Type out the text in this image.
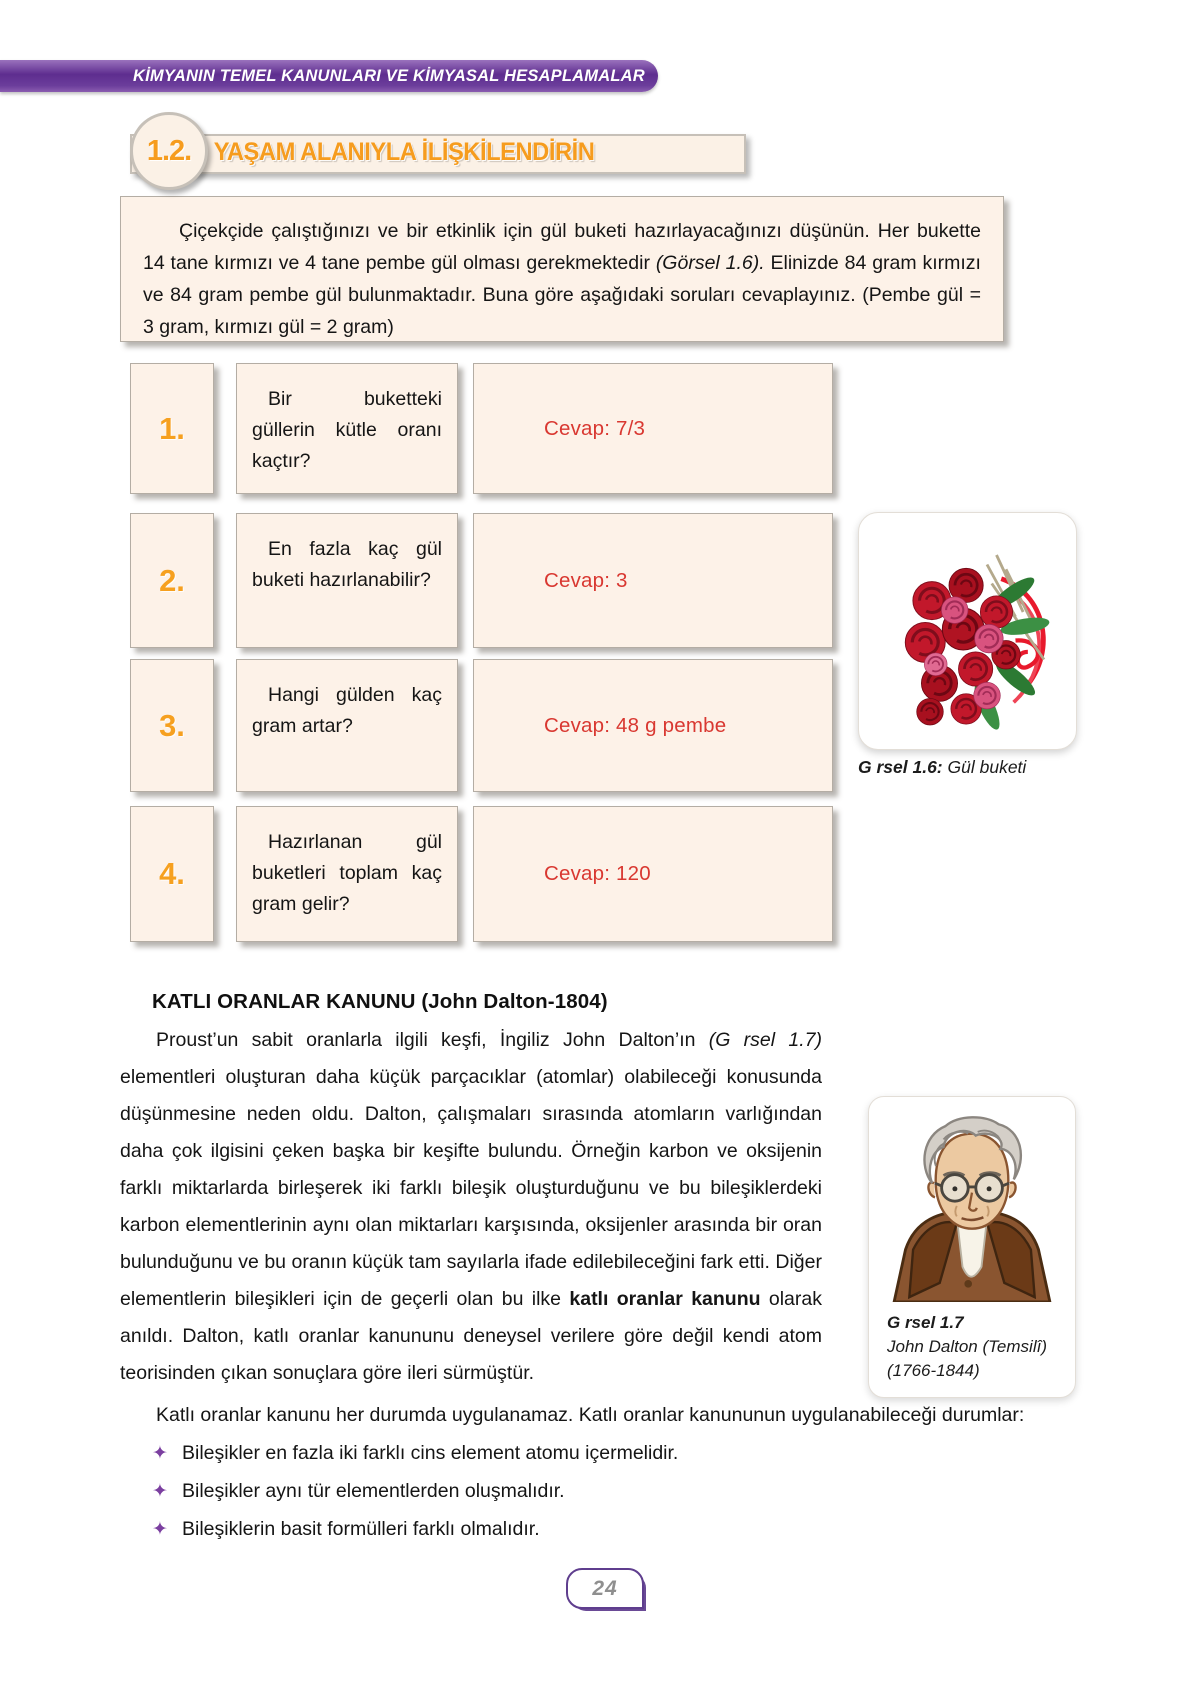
KİMYANIN TEMEL KANUNLARI VE KİMYASAL HESAPLAMALAR
YAŞAM ALANIYLA İLİŞKİLENDİRİN
1.2.
Çiçekçide çalıştığınızı ve bir etkinlik için gül buketi hazırlayacağınızı düşünün. Her bukette 14 tane kırmızı ve 4 tane pembe gül olması gerekmektedir (Görsel 1.6). Elinizde 84 gram kırmızı ve 84 gram pembe gül bulunmaktadır. Buna göre aşağıdaki soruları cevaplayınız. (Pembe gül = 3 gram, kırmızı gül = 2 gram)
1.
Bir buketteki güllerin kütle oranı kaçtır?
Cevap: 7/3
2.
En fazla kaç gül buketi hazırlanabilir?	Cevap: 3
3.
Hangi gülden kaç gram artar?	Cevap: 48 g pembe
4.
Hazırlanan gül buketleri toplam kaç gram gelir?
Cevap: 120
G rsel 1.6: Gül buketi
KATLI ORANLAR KANUNU (John Dalton-1804)
Proust’un sabit oranlarla ilgili keşfi, İngiliz John Dalton’ın (G rsel 1.7) elementleri oluşturan daha küçük parçacıklar (atomlar) olabileceği konusunda düşünmesine neden oldu. Dalton, çalışmaları sırasında atomların varlığından daha çok ilgisini çeken başka bir keşifte bulundu. Örneğin karbon ve oksijenin farklı miktarlarda birleşerek iki farklı bileşik oluşturduğunu ve bu bileşiklerdeki karbon elementlerinin aynı olan miktarları karşısında, oksijenler arasında bir oran bulunduğunu ve bu oranın küçük tam sayılarla ifade edilebileceğini fark etti. Diğer elementlerin bileşikleri için de geçerli olan bu ilke katlı oranlar kanunu olarak anıldı. Dalton, katlı oranlar kanununu deneysel verilere göre değil kendi atom teorisinden çıkan sonuçlara göre ileri sürmüştür.
G rsel 1.7
John Dalton (Temsilî)
(1766-1844)
Katlı oranlar kanunu her durumda uygulanamaz. Katlı oranlar kanununun uygulanabileceği durumlar:
✦ Bileşikler en fazla iki farklı cins element atomu içermelidir.
✦ Bileşikler aynı tür elementlerden oluşmalıdır.
✦ Bileşiklerin basit formülleri farklı olmalıdır.
24
